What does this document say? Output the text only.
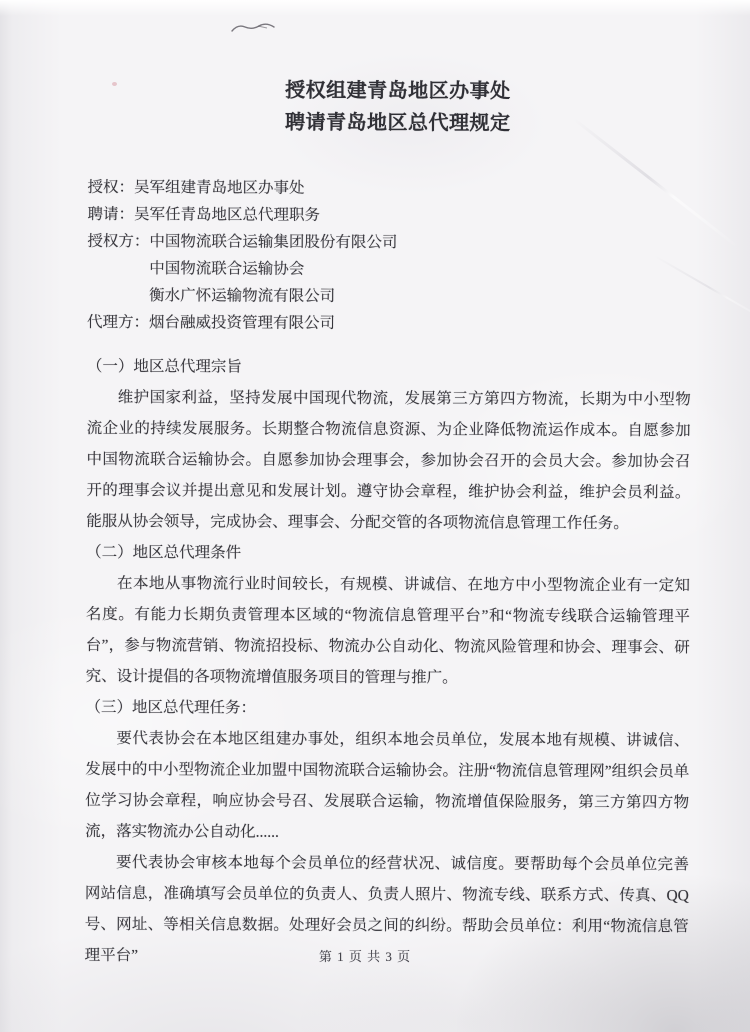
授权组建青岛地区办事处
聘请青岛地区总代理规定
授权：吴军组建青岛地区办事处
聘请：吴军任青岛地区总代理职务
授权方：中国物流联合运输集团股份有限公司
中国物流联合运输协会
衡水广怀运输物流有限公司
代理方：烟台融威投资管理有限公司
（一）地区总代理宗旨
维护国家利益，坚持发展中国现代物流，发展第三方第四方物流，长期为中小型物流企业的持续发展服务。长期整合物流信息资源、为企业降低物流运作成本。自愿参加中国物流联合运输协会。自愿参加协会理事会，参加协会召开的会员大会。参加协会召开的理事会议并提出意见和发展计划。遵守协会章程，维护协会利益，维护会员利益。能服从协会领导，完成协会、理事会、分配交管的各项物流信息管理工作任务。
（二）地区总代理条件
在本地从事物流行业时间较长，有规模、讲诚信、在地方中小型物流企业有一定知名度。有能力长期负责管理本区域的“物流信息管理平台”和“物流专线联合运输管理平台”，参与物流营销、物流招投标、物流办公自动化、物流风险管理和协会、理事会、研究、设计提倡的各项物流增值服务项目的管理与推广。
（三）地区总代理任务：
要代表协会在本地区组建办事处，组织本地会员单位，发展本地有规模、讲诚信、发展中的中小型物流企业加盟中国物流联合运输协会。注册“物流信息管理网”组织会员单位学习协会章程，响应协会号召、发展联合运输，物流增值保险服务，第三方第四方物流，落实物流办公自动化......
要代表协会审核本地每个会员单位的经营状况、诚信度。要帮助每个会员单位完善网站信息，准确填写会员单位的负责人、负责人照片、物流专线、联系方式、传真、QQ 号、网址、等相关信息数据。处理好会员之间的纠纷。帮助会员单位：利用“物流信息管理平台”	第 1 页 共 3 页
